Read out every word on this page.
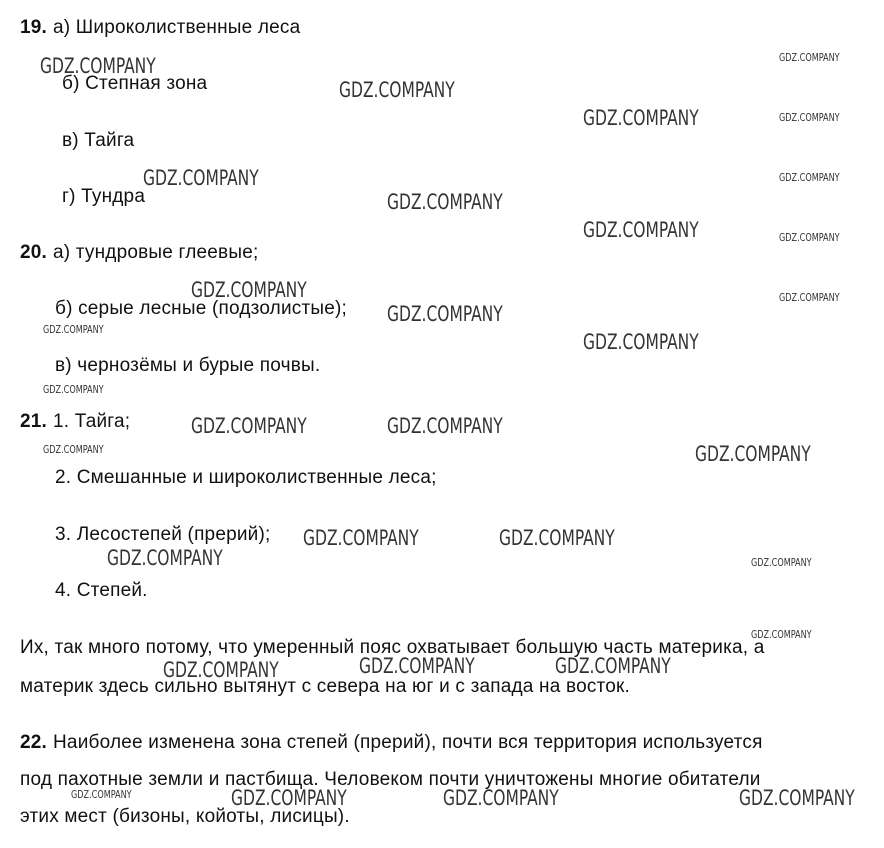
19. а) Широколиственные леса
б) Степная зона
в) Тайга
г) Тундра
20. а) тундровые глеевые;
б) серые лесные (подзолистые);
в) чернозёмы и бурые почвы.
21. 1. Тайга;
2. Смешанные и широколиственные леса;
3. Лесостепей (прерий);
4. Степей.
Их, так много потому, что умеренный пояс охватывает большую часть материка, а
материк здесь сильно вытянут с севера на юг и с запада на восток.
22. Наиболее изменена зона степей (прерий), почти вся территория используется
под пахотные земли и пастбища. Человеком почти уничтожены многие обитатели
этих мест (бизоны, койоты, лисицы).
GDZ.COMPANY
GDZ.COMPANY
GDZ.COMPANY
GDZ.COMPANY
GDZ.COMPANY
GDZ.COMPANY
GDZ.COMPANY
GDZ.COMPANY
GDZ.COMPANY
GDZ.COMPANY	GDZ.COMPANY
GDZ.COMPANY
GDZ.COMPANY	GDZ.COMPANY
GDZ.COMPANY
GDZ.COMPANY	GDZ.COMPANY	GDZ.COMPANY
GDZ.COMPANY	GDZ.COMPANY	GDZ.COMPANY
GDZ.COMPANY
GDZ.COMPANY
GDZ.COMPANY
GDZ.COMPANY
GDZ.COMPANY
GDZ.COMPANY
GDZ.COMPANY
GDZ.COMPANY
GDZ.COMPANY
GDZ.COMPANY
GDZ.COMPANY
